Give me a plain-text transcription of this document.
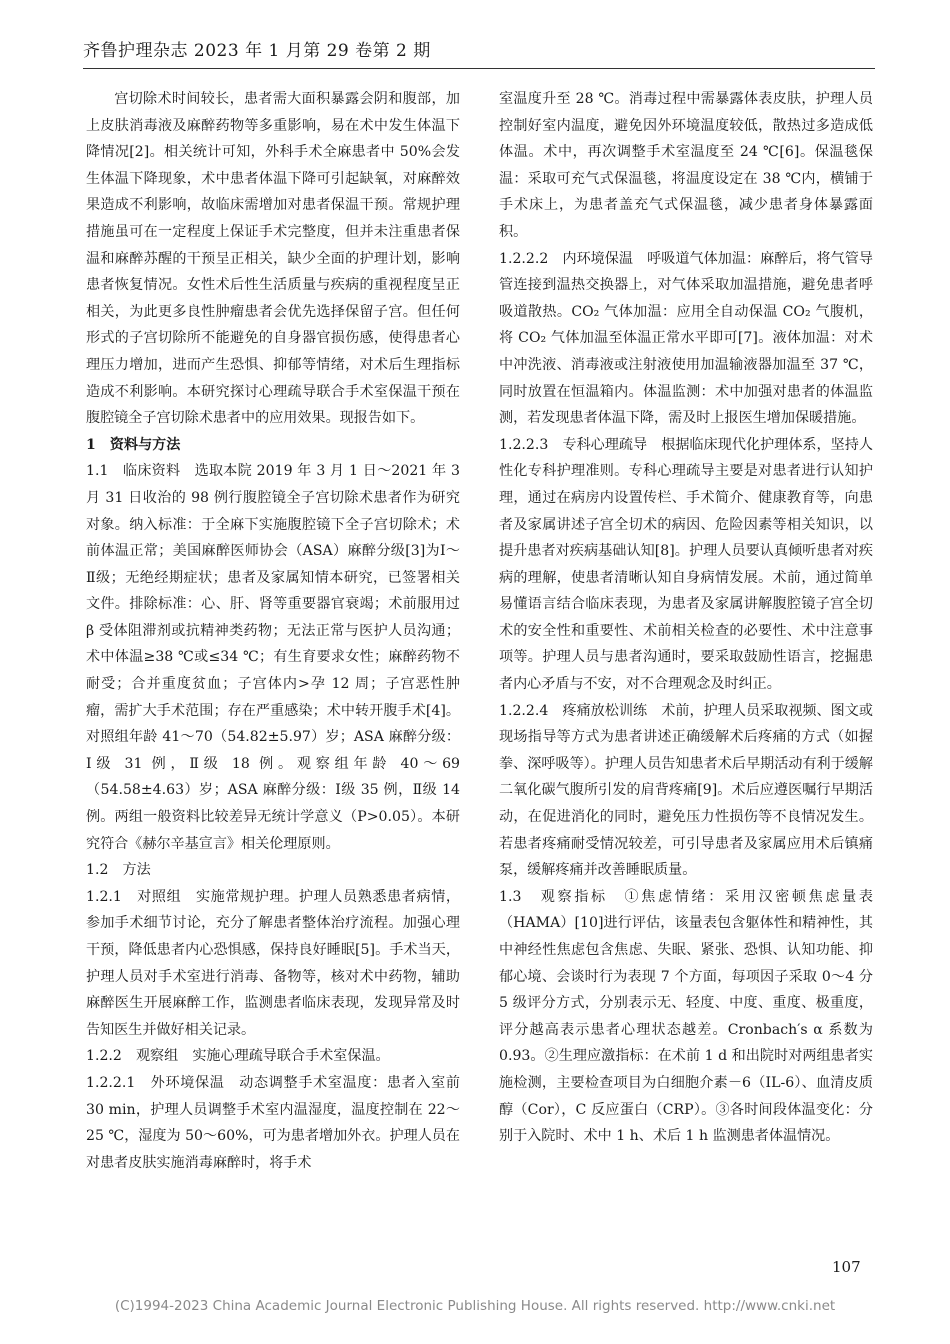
齐鲁护理杂志 2023 年 1 月第 29 卷第 2 期

宫切除术时间较长，患者需大面积暴露会阴和腹部，加上皮肤消毒液及麻醉药物等多重影响，易在术中发生体温下降情况[2]。相关统计可知，外科手术全麻患者中 50%会发生体温下降现象，术中患者体温下降可引起缺氧，对麻醉效果造成不利影响，故临床需增加对患者保温干预。常规护理措施虽可在一定程度上保证手术完整度，但并未注重患者保温和麻醉苏醒的干预呈正相关，缺少全面的护理计划，影响患者恢复情况。女性术后性生活质量与疾病的重视程度呈正相关，为此更多良性肿瘤患者会优先选择保留子宫。但任何形式的子宫切除所不能避免的自身器官损伤感，使得患者心理压力增加，进而产生恐惧、抑郁等情绪，对术后生理指标造成不利影响。本研究探讨心理疏导联合手术室保温干预在腹腔镜全子宫切除术患者中的应用效果。现报告如下。

1　资料与方法

1.1　临床资料　选取本院 2019 年 3 月 1 日～2021 年 3 月 31 日收治的 98 例行腹腔镜全子宫切除术患者作为研究对象。纳入标准：于全麻下实施腹腔镜下全子宫切除术；术前体温正常；美国麻醉医师协会（ASA）麻醉分级[3]为Ⅰ～Ⅱ级；无绝经期症状；患者及家属知情本研究，已签署相关文件。排除标准：心、肝、肾等重要器官衰竭；术前服用过 β 受体阻滞剂或抗精神类药物；无法正常与医护人员沟通；术中体温≥38 ℃或≤34 ℃；有生育要求女性；麻醉药物不耐受；合并重度贫血；子宫体内>孕 12 周；子宫恶性肿瘤，需扩大手术范围；存在严重感染；术中转开腹手术[4]。对照组年龄 41～70（54.82±5.97）岁；ASA 麻醉分级：Ⅰ级 31 例，Ⅱ级 18 例。观察组年龄 40～69（54.58±4.63）岁；ASA 麻醉分级：Ⅰ级 35 例，Ⅱ级 14 例。两组一般资料比较差异无统计学意义（P>0.05）。本研究符合《赫尔辛基宣言》相关伦理原则。

1.2　方法

1.2.1　对照组　实施常规护理。护理人员熟悉患者病情，参加手术细节讨论，充分了解患者整体治疗流程。加强心理干预，降低患者内心恐惧感，保持良好睡眠[5]。手术当天，护理人员对手术室进行消毒、备物等，核对术中药物，辅助麻醉医生开展麻醉工作，监测患者临床表现，发现异常及时告知医生并做好相关记录。

1.2.2　观察组　实施心理疏导联合手术室保温。

1.2.2.1　外环境保温　动态调整手术室温度：患者入室前 30 min，护理人员调整手术室内温湿度，温度控制在 22～25 ℃，湿度为 50～60%，可为患者增加外衣。护理人员在对患者皮肤实施消毒麻醉时，将手术

室温度升至 28 ℃。消毒过程中需暴露体表皮肤，护理人员控制好室内温度，避免因外环境温度较低，散热过多造成低体温。术中，再次调整手术室温度至 24 ℃[6]。保温毯保温：采取可充气式保温毯，将温度设定在 38 ℃内，横铺于手术床上，为患者盖充气式保温毯，减少患者身体暴露面积。

1.2.2.2　内环境保温　呼吸道气体加温：麻醉后，将气管导管连接到温热交换器上，对气体采取加温措施，避免患者呼吸道散热。CO₂ 气体加温：应用全自动保温 CO₂ 气腹机，将 CO₂ 气体加温至体温正常水平即可[7]。液体加温：对术中冲洗液、消毒液或注射液使用加温输液器加温至 37 ℃，同时放置在恒温箱内。体温监测：术中加强对患者的体温监测，若发现患者体温下降，需及时上报医生增加保暖措施。

1.2.2.3　专科心理疏导　根据临床现代化护理体系，坚持人性化专科护理准则。专科心理疏导主要是对患者进行认知护理，通过在病房内设置传栏、手术简介、健康教育等，向患者及家属讲述子宫全切术的病因、危险因素等相关知识，以提升患者对疾病基础认知[8]。护理人员要认真倾听患者对疾病的理解，使患者清晰认知自身病情发展。术前，通过简单易懂语言结合临床表现，为患者及家属讲解腹腔镜子宫全切术的安全性和重要性、术前相关检查的必要性、术中注意事项等。护理人员与患者沟通时，要采取鼓励性语言，挖掘患者内心矛盾与不安，对不合理观念及时纠正。

1.2.2.4　疼痛放松训练　术前，护理人员采取视频、图文或现场指导等方式为患者讲述正确缓解术后疼痛的方式（如握拳、深呼吸等）。护理人员告知患者术后早期活动有利于缓解二氧化碳气腹所引发的肩背疼痛[9]。术后应遵医嘱行早期活动，在促进消化的同时，避免压力性损伤等不良情况发生。若患者疼痛耐受情况较差，可引导患者及家属应用术后镇痛泵，缓解疼痛并改善睡眠质量。

1.3　观察指标　①焦虑情绪：采用汉密顿焦虑量表（HAMA）[10]进行评估，该量表包含躯体性和精神性，其中神经性焦虑包含焦虑、失眠、紧张、恐惧、认知功能、抑郁心境、会谈时行为表现 7 个方面，每项因子采取 0～4 分 5 级评分方式，分别表示无、轻度、中度、重度、极重度，评分越高表示患者心理状态越差。Cronbach′s α 系数为 0.93。②生理应激指标：在术前 1 d 和出院时对两组患者实施检测，主要检查项目为白细胞介素－6（IL-6）、血清皮质醇（Cor），C 反应蛋白（CRP）。③各时间段体温变化：分别于入院时、术中 1 h、术后 1 h 监测患者体温情况。

107
(C)1994-2023 China Academic Journal Electronic Publishing House. All rights reserved. http://www.cnki.net
